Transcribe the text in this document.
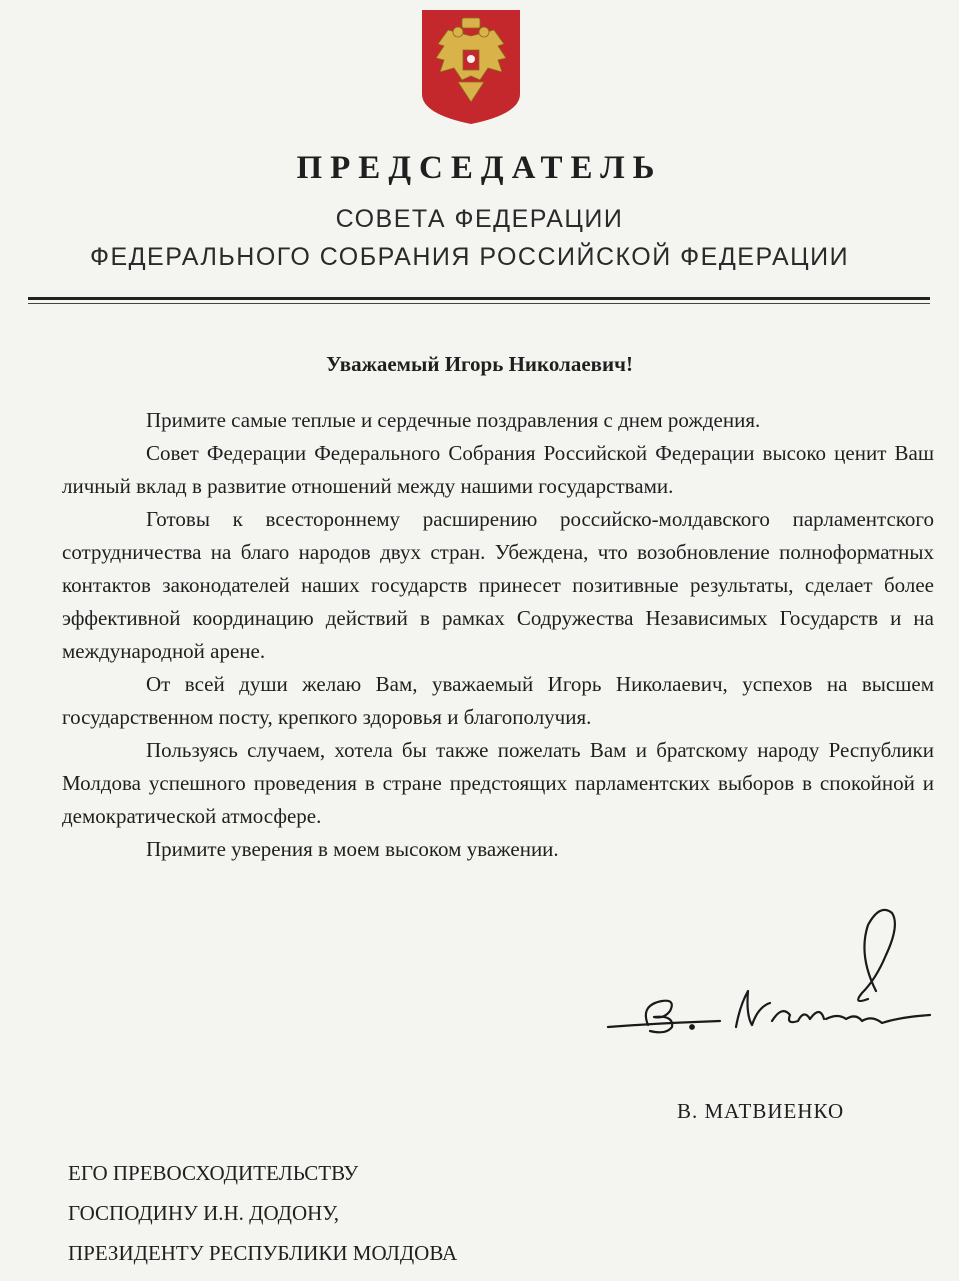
ПРЕДСЕДАТЕЛЬ
СОВЕТА ФЕДЕРАЦИИ
ФЕДЕРАЛЬНОГО СОБРАНИЯ РОССИЙСКОЙ ФЕДЕРАЦИИ
Уважаемый Игорь Николаевич!

Примите самые теплые и сердечные поздравления с днем рождения.

Совет Федерации Федерального Собрания Российской Федерации высоко ценит Ваш личный вклад в развитие отношений между нашими государствами.

Готовы к всестороннему расширению российско-молдавского парламентского сотрудничества на благо народов двух стран. Убеждена, что возобновление полноформатных контактов законодателей наших государств принесет позитивные результаты, сделает более эффективной координацию действий в рамках Содружества Независимых Государств и на международной арене.

От всей души желаю Вам, уважаемый Игорь Николаевич, успехов на высшем государственном посту, крепкого здоровья и благополучия.

Пользуясь случаем, хотела бы также пожелать Вам и братскому народу Республики Молдова успешного проведения в стране предстоящих парламентских выборов в спокойной и демократической атмосфере.

Примите уверения в моем высоком уважении.

В. МАТВИЕНКО
ЕГО ПРЕВОСХОДИТЕЛЬСТВУ
ГОСПОДИНУ И.Н. ДОДОНУ,
ПРЕЗИДЕНТУ РЕСПУБЛИКИ МОЛДОВА
